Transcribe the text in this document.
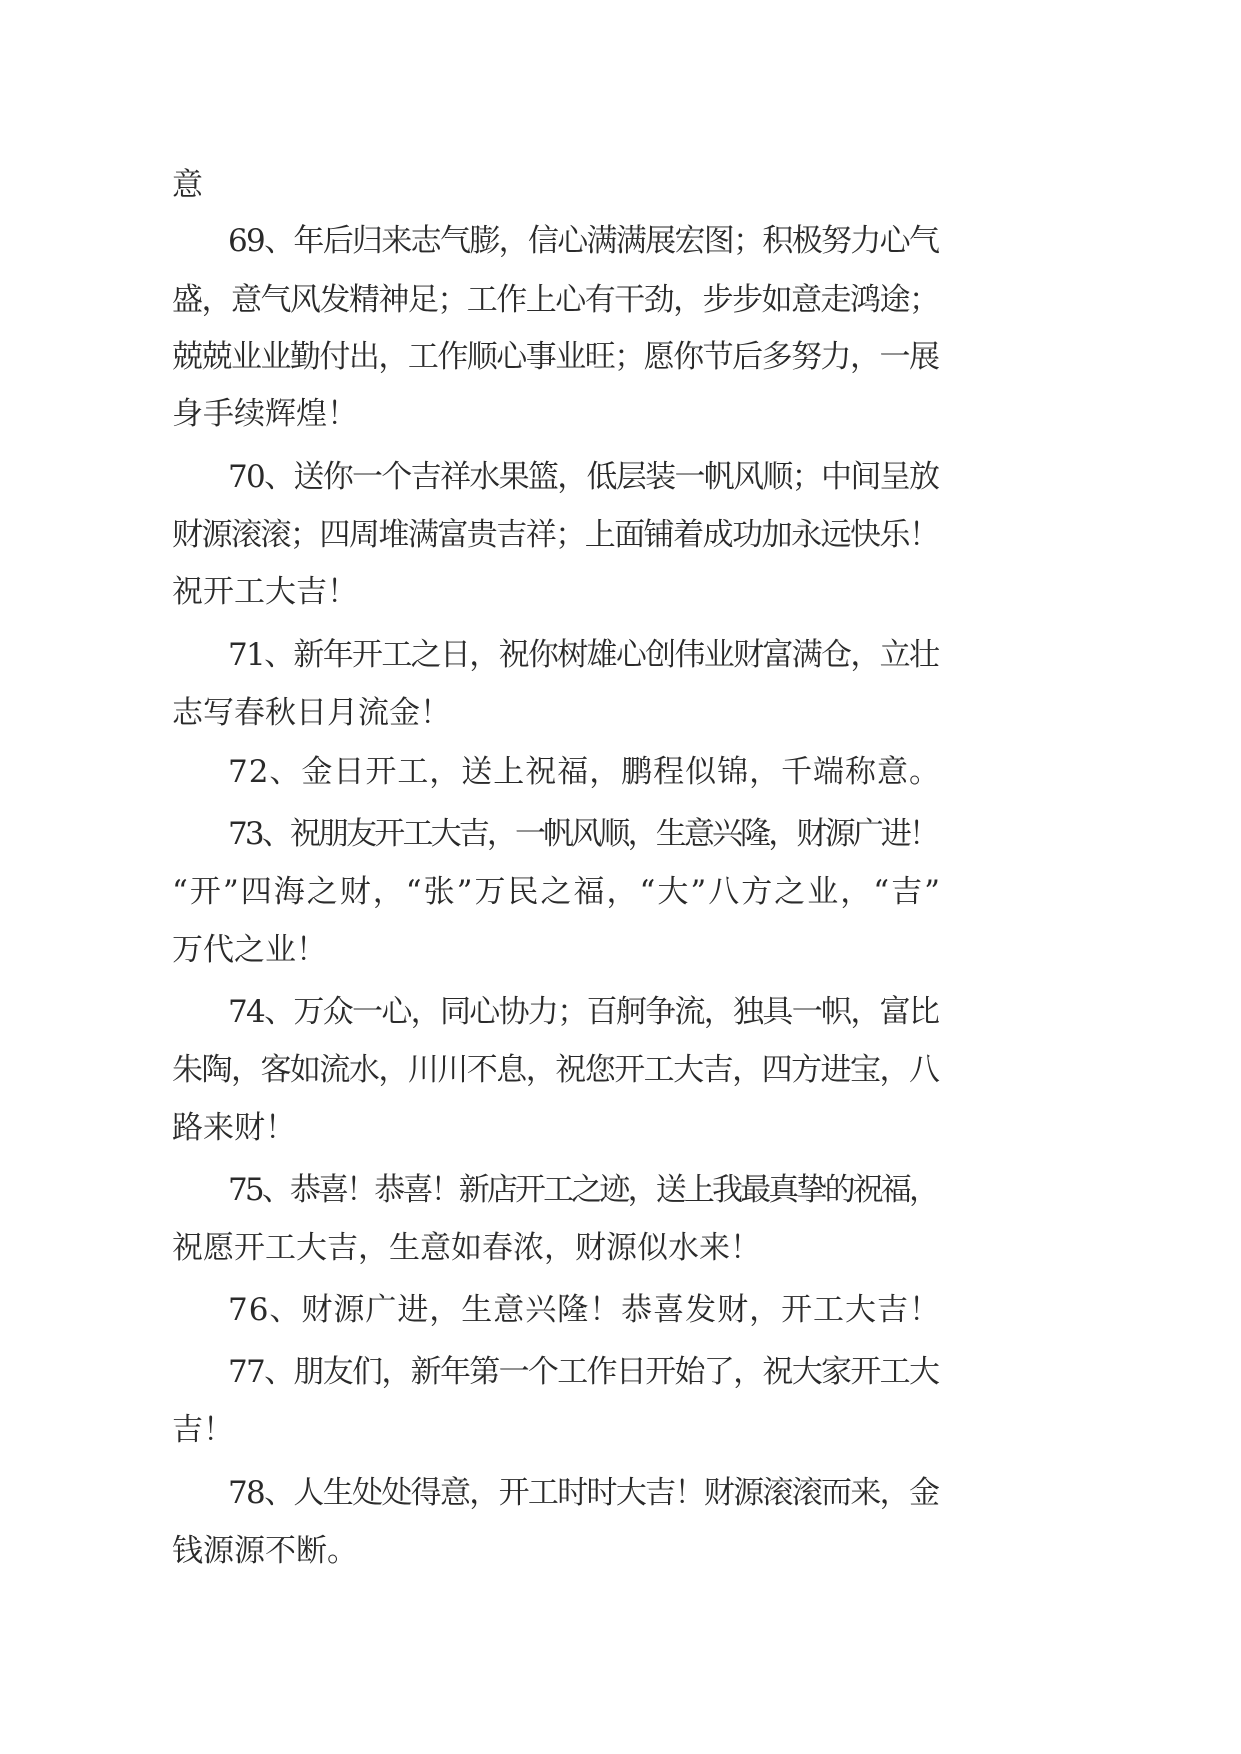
意
69、年后归来志气膨，信心满满展宏图；积极努力心气
盛，意气风发精神足；工作上心有干劲，步步如意走鸿途；
兢兢业业勤付出，工作顺心事业旺；愿你节后多努力，一展
身手续辉煌！
70、送你一个吉祥水果篮，低层装一帆风顺；中间呈放
财源滚滚；四周堆满富贵吉祥；上面铺着成功加永远快乐！
祝开工大吉！
71、新年开工之日，祝你树雄心创伟业财富满仓，立壮
志写春秋日月流金！
72、金日开工，送上祝福，鹏程似锦，千端称意。
73、祝朋友开工大吉，一帆风顺，生意兴隆，财源广进！
“开”四海之财，“张”万民之福，“大”八方之业，“吉”
万代之业！
74、万众一心，同心协力；百舸争流，独具一帜，富比
朱陶，客如流水，川川不息，祝您开工大吉，四方进宝，八
路来财！
75、恭喜！恭喜！新店开工之迹，送上我最真挚的祝福，
祝愿开工大吉，生意如春浓，财源似水来！
76、财源广进，生意兴隆！恭喜发财，开工大吉！
77、朋友们，新年第一个工作日开始了，祝大家开工大
吉！
78、人生处处得意，开工时时大吉！财源滚滚而来，金
钱源源不断。
